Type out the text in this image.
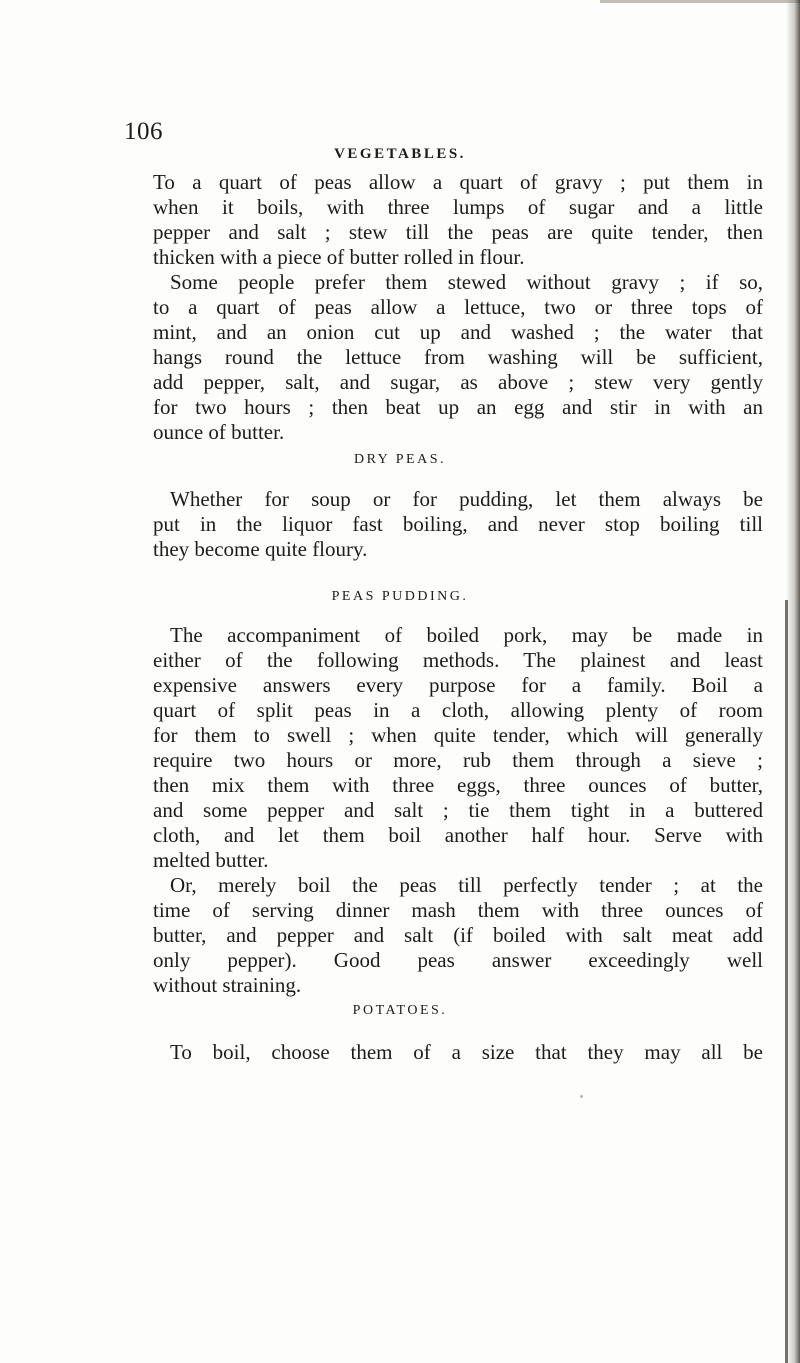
106
VEGETABLES.
To a quart of peas allow a quart of gravy ; put them in
when it boils, with three lumps of sugar and a little
pepper and salt ; stew till the peas are quite tender, then
thicken with a piece of butter rolled in flour.
Some people prefer them stewed without gravy ; if so,
to a quart of peas allow a lettuce, two or three tops of
mint, and an onion cut up and washed ; the water that
hangs round the lettuce from washing will be sufficient,
add pepper, salt, and sugar, as above ; stew very gently
for two hours ; then beat up an egg and stir in with an
ounce of butter.
DRY PEAS.
Whether for soup or for pudding, let them always be
put in the liquor fast boiling, and never stop boiling till
they become quite floury.
PEAS PUDDING.
The accompaniment of boiled pork, may be made in
either of the following methods. The plainest and least
expensive answers every purpose for a family. Boil a
quart of split peas in a cloth, allowing plenty of room
for them to swell ; when quite tender, which will generally
require two hours or more, rub them through a sieve ;
then mix them with three eggs, three ounces of butter,
and some pepper and salt ; tie them tight in a buttered
cloth, and let them boil another half hour. Serve with
melted butter.
Or, merely boil the peas till perfectly tender ; at the
time of serving dinner mash them with three ounces of
butter, and pepper and salt (if boiled with salt meat add
only pepper). Good peas answer exceedingly well
without straining.
POTATOES.
To boil, choose them of a size that they may all be
